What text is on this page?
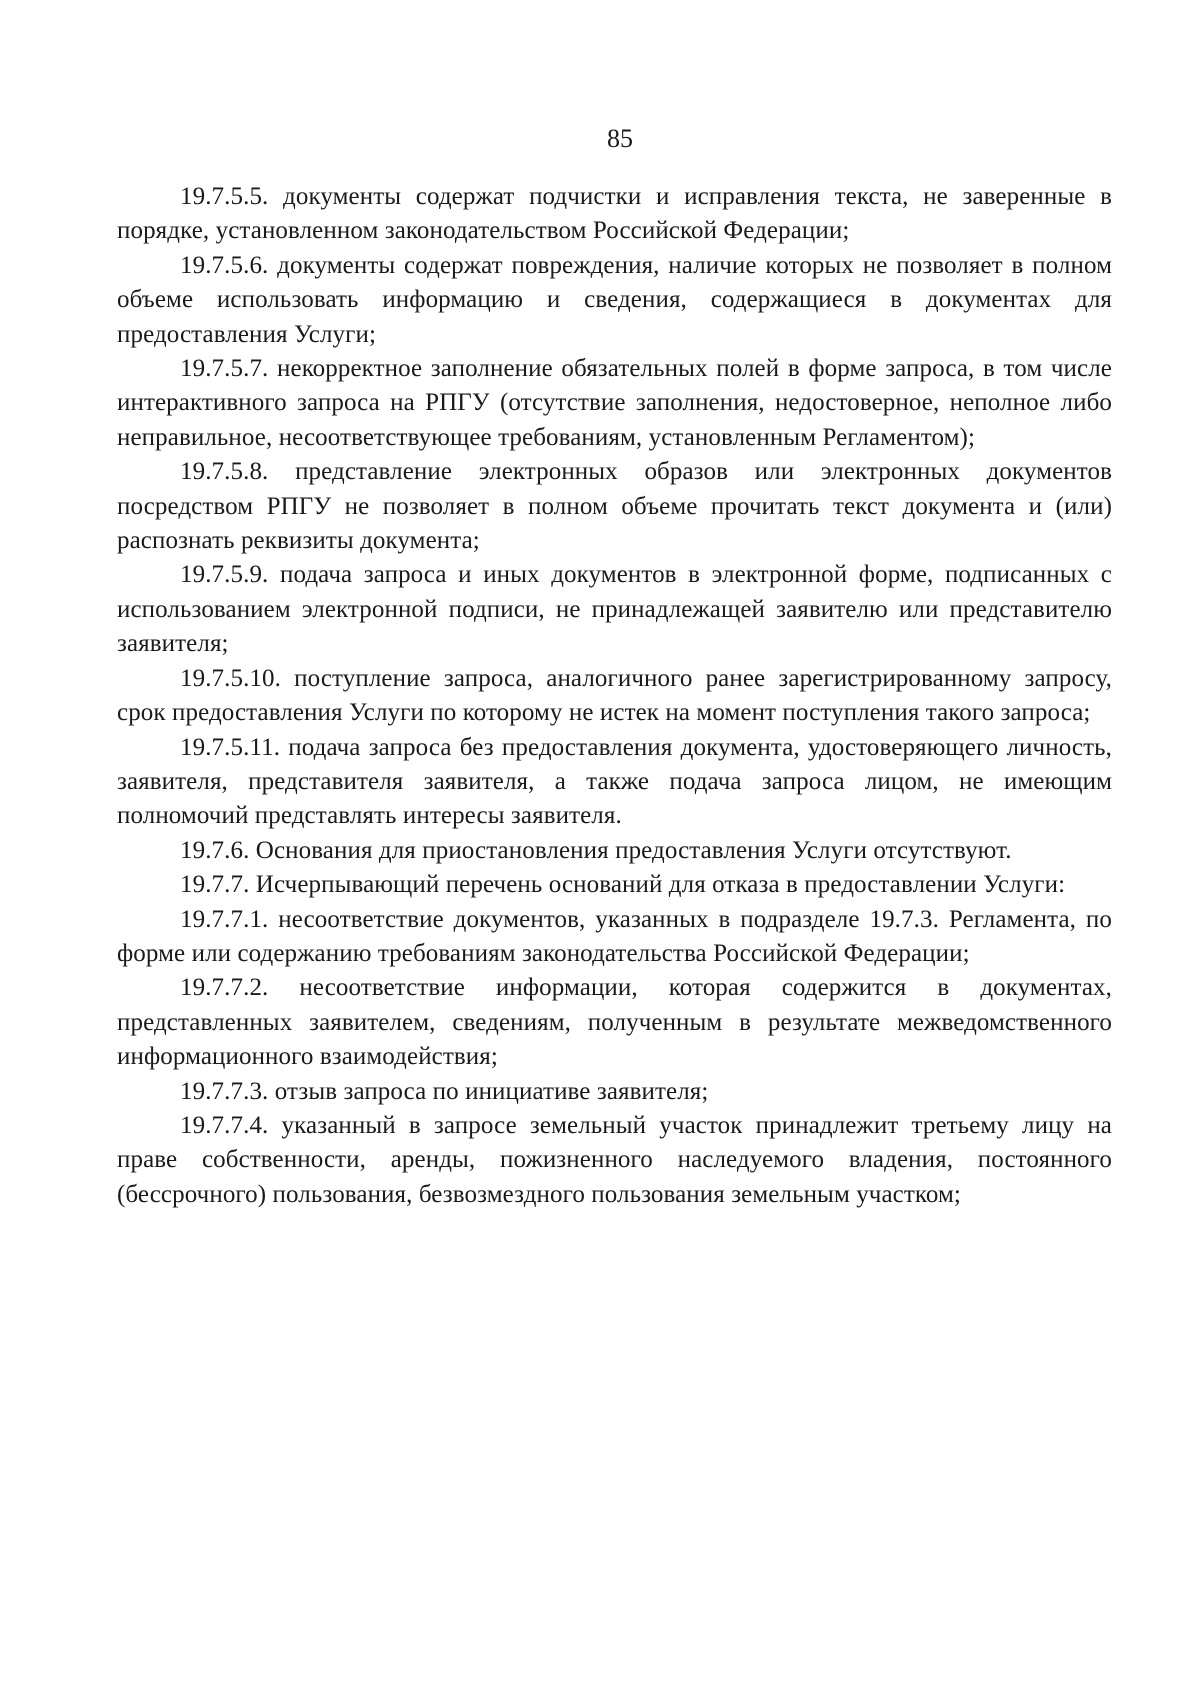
85

19.7.5.5. документы содержат подчистки и исправления текста, не заверенные в порядке, установленном законодательством Российской Федерации;

19.7.5.6. документы содержат повреждения, наличие которых не позволяет в полном объеме использовать информацию и сведения, содержащиеся в документах для предоставления Услуги;

19.7.5.7. некорректное заполнение обязательных полей в форме запроса, в том числе интерактивного запроса на РПГУ (отсутствие заполнения, недостоверное, неполное либо неправильное, несоответствующее требованиям, установленным Регламентом);

19.7.5.8. представление электронных образов или электронных документов посредством РПГУ не позволяет в полном объеме прочитать текст документа и (или) распознать реквизиты документа;

19.7.5.9. подача запроса и иных документов в электронной форме, подписанных с использованием электронной подписи, не принадлежащей заявителю или представителю заявителя;

19.7.5.10. поступление запроса, аналогичного ранее зарегистрированному запросу, срок предоставления Услуги по которому не истек на момент поступления такого запроса;

19.7.5.11. подача запроса без предоставления документа, удостоверяющего личность, заявителя, представителя заявителя, а также подача запроса лицом, не имеющим полномочий представлять интересы заявителя.

19.7.6. Основания для приостановления предоставления Услуги отсутствуют.

19.7.7. Исчерпывающий перечень оснований для отказа в предоставлении Услуги:

19.7.7.1. несоответствие документов, указанных в подразделе 19.7.3. Регламента, по форме или содержанию требованиям законодательства Российской Федерации;

19.7.7.2. несоответствие информации, которая содержится в документах, представленных заявителем, сведениям, полученным в результате межведомственного информационного взаимодействия;

19.7.7.3. отзыв запроса по инициативе заявителя;

19.7.7.4. указанный в запросе земельный участок принадлежит третьему лицу на праве собственности, аренды, пожизненного наследуемого владения, постоянного (бессрочного) пользования, безвозмездного пользования земельным участком;
